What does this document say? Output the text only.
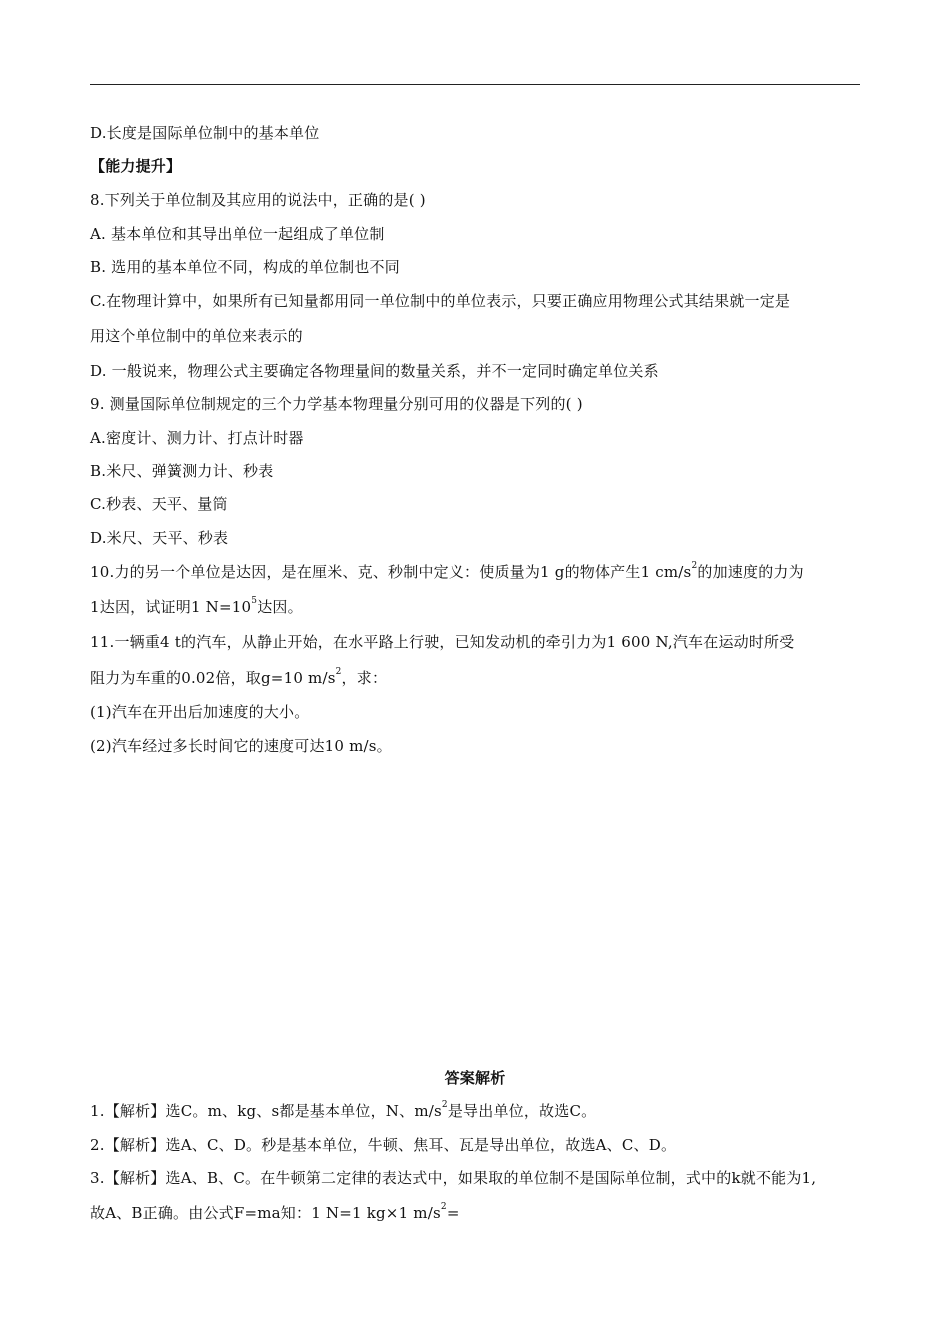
D.长度是国际单位制中的基本单位
【能力提升】
8.下列关于单位制及其应用的说法中，正确的是( )
A. 基本单位和其导出单位一起组成了单位制
B. 选用的基本单位不同，构成的单位制也不同
C.在物理计算中，如果所有已知量都用同一单位制中的单位表示，只要正确应用物理公式其结果就一定是
用这个单位制中的单位来表示的
D. 一般说来，物理公式主要确定各物理量间的数量关系，并不一定同时确定单位关系
9. 测量国际单位制规定的三个力学基本物理量分别可用的仪器是下列的( )
A.密度计、测力计、打点计时器
B.米尺、弹簧测力计、秒表
C.秒表、天平、量筒
D.米尺、天平、秒表
10.力的另一个单位是达因，是在厘米、克、秒制中定义：使质量为1 g的物体产生1 $cm/s^2$的加速度的力为
1达因，试证明1 $N=10^5$达因。
11.一辆重4 t的汽车，从静止开始，在水平路上行驶，已知发动机的牵引力为1 600 N,汽车在运动时所受
阻力为车重的0.02倍，取g=10 $m/s^2$，求：
(1)汽车在开出后加速度的大小。
(2)汽车经过多长时间它的速度可达10 m/s。
答案解析
1.【解析】选C。m、kg、s都是基本单位，N、$m/s^2$是导出单位，故选C。
2.【解析】选A、C、D。秒是基本单位，牛顿、焦耳、瓦是导出单位，故选A、C、D。
3.【解析】选A、B、C。在牛顿第二定律的表达式中，如果取的单位制不是国际单位制，式中的k就不能为1,
故A、B正确。由公式F=ma知：1 N=1 kg×1 $m/s^2=$
